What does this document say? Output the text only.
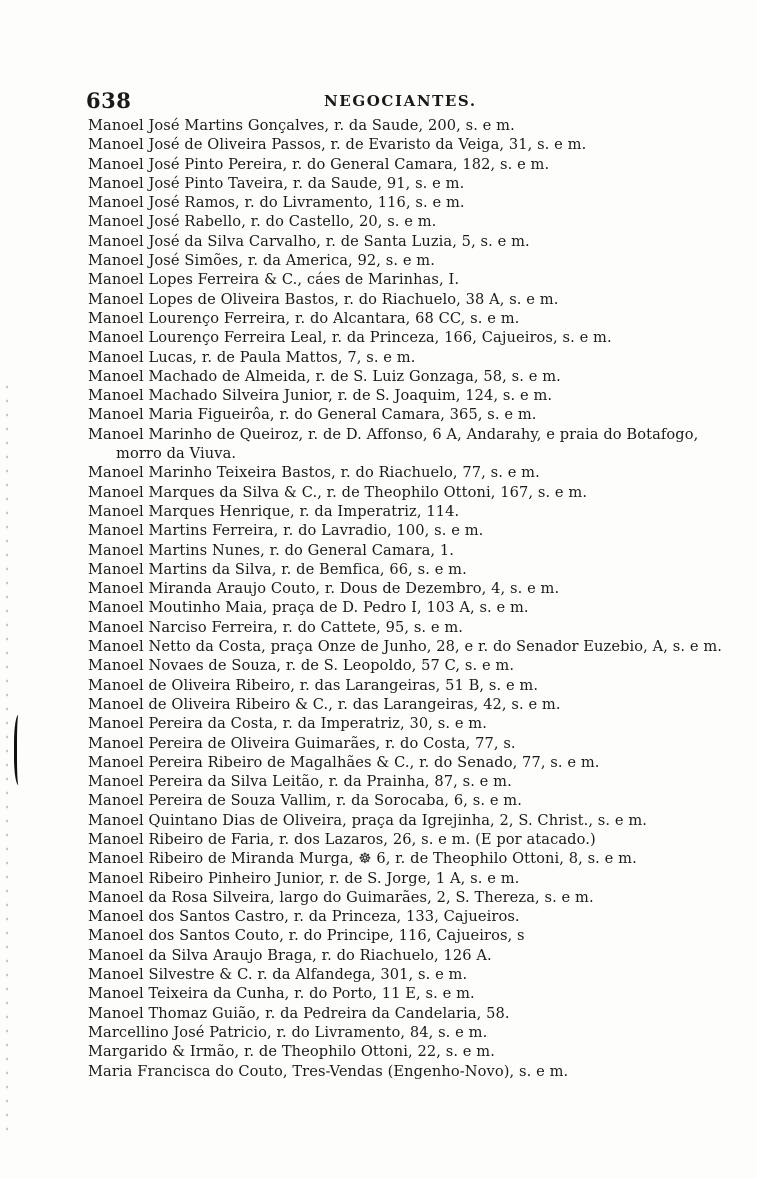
638	NEGOCIANTES.
Manoel José Martins Gonçalves, r. da Saude, 200, s. e m.
Manoel José de Oliveira Passos, r. de Evaristo da Veiga, 31, s. e m.
Manoel José Pinto Pereira, r. do General Camara, 182, s. e m.
Manoel José Pinto Taveira, r. da Saude, 91, s. e m.
Manoel José Ramos, r. do Livramento, 116, s. e m.
Manoel José Rabello, r. do Castello, 20, s. e m.
Manoel José da Silva Carvalho, r. de Santa Luzia, 5, s. e m.
Manoel José Simões, r. da America, 92, s. e m.
Manoel Lopes Ferreira & C., cáes de Marinhas, I.
Manoel Lopes de Oliveira Bastos, r. do Riachuelo, 38 A, s. e m.
Manoel Lourenço Ferreira, r. do Alcantara, 68 CC, s. e m.
Manoel Lourenço Ferreira Leal, r. da Princeza, 166, Cajueiros, s. e m.
Manoel Lucas, r. de Paula Mattos, 7, s. e m.
Manoel Machado de Almeida, r. de S. Luiz Gonzaga, 58, s. e m.
Manoel Machado Silveira Junior, r. de S. Joaquim, 124, s. e m.
Manoel Maria Figueirôa, r. do General Camara, 365, s. e m.
Manoel Marinho de Queiroz, r. de D. Affonso, 6 A, Andarahy, e praia do Botafogo, morro da Viuva.
Manoel Marinho Teixeira Bastos, r. do Riachuelo, 77, s. e m.
Manoel Marques da Silva & C., r. de Theophilo Ottoni, 167, s. e m.
Manoel Marques Henrique, r. da Imperatriz, 114.
Manoel Martins Ferreira, r. do Lavradio, 100, s. e m.
Manoel Martins Nunes, r. do General Camara, 1.
Manoel Martins da Silva, r. de Bemfica, 66, s. e m.
Manoel Miranda Araujo Couto, r. Dous de Dezembro, 4, s. e m.
Manoel Moutinho Maia, praça de D. Pedro I, 103 A, s. e m.
Manoel Narciso Ferreira, r. do Cattete, 95, s. e m.
Manoel Netto da Costa, praça Onze de Junho, 28, e r. do Senador Euzebio, A, s. e m.
Manoel Novaes de Souza, r. de S. Leopoldo, 57 C, s. e m.
Manoel de Oliveira Ribeiro, r. das Larangeiras, 51 B, s. e m.
Manoel de Oliveira Ribeiro & C., r. das Larangeiras, 42, s. e m.
Manoel Pereira da Costa, r. da Imperatriz, 30, s. e m.
Manoel Pereira de Oliveira Guimarães, r. do Costa, 77, s.
Manoel Pereira Ribeiro de Magalhães & C., r. do Senado, 77, s. e m.
Manoel Pereira da Silva Leitão, r. da Prainha, 87, s. e m.
Manoel Pereira de Souza Vallim, r. da Sorocaba, 6, s. e m.
Manoel Quintano Dias de Oliveira, praça da Igrejinha, 2, S. Christ., s. e m.
Manoel Ribeiro de Faria, r. dos Lazaros, 26, s. e m. (E por atacado.)
Manoel Ribeiro de Miranda Murga, ☸ 6, r. de Theophilo Ottoni, 8, s. e m.
Manoel Ribeiro Pinheiro Junior, r. de S. Jorge, 1 A, s. e m.
Manoel da Rosa Silveira, largo do Guimarães, 2, S. Thereza, s. e m.
Manoel dos Santos Castro, r. da Princeza, 133, Cajueiros.
Manoel dos Santos Couto, r. do Principe, 116, Cajueiros, s
Manoel da Silva Araujo Braga, r. do Riachuelo, 126 A.
Manoel Silvestre & C. r. da Alfandega, 301, s. e m.
Manoel Teixeira da Cunha, r. do Porto, 11 E, s. e m.
Manoel Thomaz Guião, r. da Pedreira da Candelaria, 58.
Marcellino José Patricio, r. do Livramento, 84, s. e m.
Margarido & Irmão, r. de Theophilo Ottoni, 22, s. e m.
Maria Francisca do Couto, Tres-Vendas (Engenho-Novo), s. e m.
